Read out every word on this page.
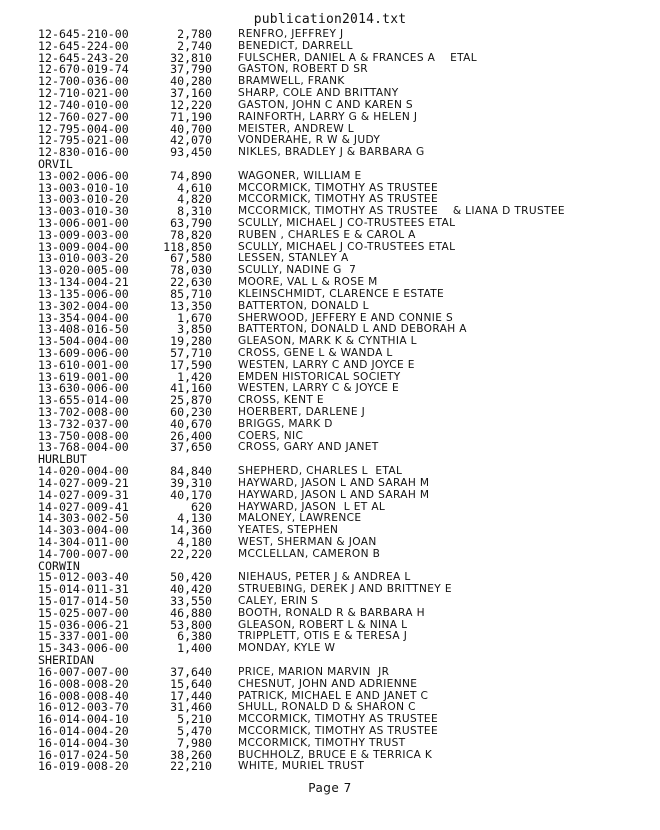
publication2014.txt
12-645-210-00	2,780 RENFRO, JEFFREY J
12-645-224-00	2,740 BENEDICT, DARRELL
12-645-243-20	32,810 FULSCHER, DANIEL A & FRANCES A    ETAL
12-670-019-74	37,790 GASTON, ROBERT D SR
12-700-036-00	40,280 BRAMWELL, FRANK
12-710-021-00	37,160 SHARP, COLE AND BRITTANY
12-740-010-00	12,220 GASTON, JOHN C AND KAREN S
12-760-027-00	71,190 RAINFORTH, LARRY G & HELEN J
12-795-004-00	40,700 MEISTER, ANDREW L
12-795-021-00	42,070 VONDERAHE, R W & JUDY
12-830-016-00	93,450 NIKLES, BRADLEY J & BARBARA G
ORVIL
13-002-006-00	74,890 WAGONER, WILLIAM E
13-003-010-10	4,610 MCCORMICK, TIMOTHY AS TRUSTEE
13-003-010-20	4,820 MCCORMICK, TIMOTHY AS TRUSTEE
13-003-010-30	8,310 MCCORMICK, TIMOTHY AS TRUSTEE    & LIANA D TRUSTEE
13-006-001-00	63,790 SCULLY, MICHAEL J CO-TRUSTEES ETAL
13-009-003-00	78,820 RUBEN , CHARLES E & CAROL A
13-009-004-00	118,850 SCULLY, MICHAEL J CO-TRUSTEES ETAL
13-010-003-20	67,580 LESSEN, STANLEY A
13-020-005-00	78,030 SCULLY, NADINE G  7
13-134-004-21	22,630 MOORE, VAL L & ROSE M
13-135-006-00	85,710 KLEINSCHMIDT, CLARENCE E ESTATE
13-302-004-00	13,350 BATTERTON, DONALD L
13-354-004-00	1,670 SHERWOOD, JEFFERY E AND CONNIE S
13-408-016-50	3,850 BATTERTON, DONALD L AND DEBORAH A
13-504-004-00	19,280 GLEASON, MARK K & CYNTHIA L
13-609-006-00	57,710 CROSS, GENE L & WANDA L
13-610-001-00	17,590 WESTEN, LARRY C AND JOYCE E
13-619-001-00	1,420 EMDEN HISTORICAL SOCIETY
13-630-006-00	41,160 WESTEN, LARRY C & JOYCE E
13-655-014-00	25,870 CROSS, KENT E
13-702-008-00	60,230 HOERBERT, DARLENE J
13-732-037-00	40,670 BRIGGS, MARK D
13-750-008-00	26,400 COERS, NIC
13-768-004-00	37,650 CROSS, GARY AND JANET
HURLBUT
14-020-004-00	84,840 SHEPHERD, CHARLES L  ETAL
14-027-009-21	39,310 HAYWARD, JASON L AND SARAH M
14-027-009-31	40,170 HAYWARD, JASON L AND SARAH M
14-027-009-41	620 HAYWARD, JASON  L ET AL
14-303-002-50	4,130 MALONEY, LAWRENCE
14-303-004-00	14,360 YEATES, STEPHEN
14-304-011-00	4,180 WEST, SHERMAN & JOAN
14-700-007-00	22,220 MCCLELLAN, CAMERON B
CORWIN
15-012-003-40	50,420 NIEHAUS, PETER J & ANDREA L
15-014-011-31	40,420 STRUEBING, DEREK J AND BRITTNEY E
15-017-014-50	33,550 CALEY, ERIN S
15-025-007-00	46,880 BOOTH, RONALD R & BARBARA H
15-036-006-21	53,800 GLEASON, ROBERT L & NINA L
15-337-001-00	6,380 TRIPPLETT, OTIS E & TERESA J
15-343-006-00	1,400 MONDAY, KYLE W
SHERIDAN
16-007-007-00	37,640 PRICE, MARION MARVIN  JR
16-008-008-20	15,640 CHESNUT, JOHN AND ADRIENNE
16-008-008-40	17,440 PATRICK, MICHAEL E AND JANET C
16-012-003-70	31,460 SHULL, RONALD D & SHARON C
16-014-004-10	5,210 MCCORMICK, TIMOTHY AS TRUSTEE
16-014-004-20	5,470 MCCORMICK, TIMOTHY AS TRUSTEE
16-014-004-30	7,980 MCCORMICK, TIMOTHY TRUST
16-017-024-50	38,260 BUCHHOLZ, BRUCE E & TERRICA K
16-019-008-20	22,210 WHITE, MURIEL TRUST
Page 7
